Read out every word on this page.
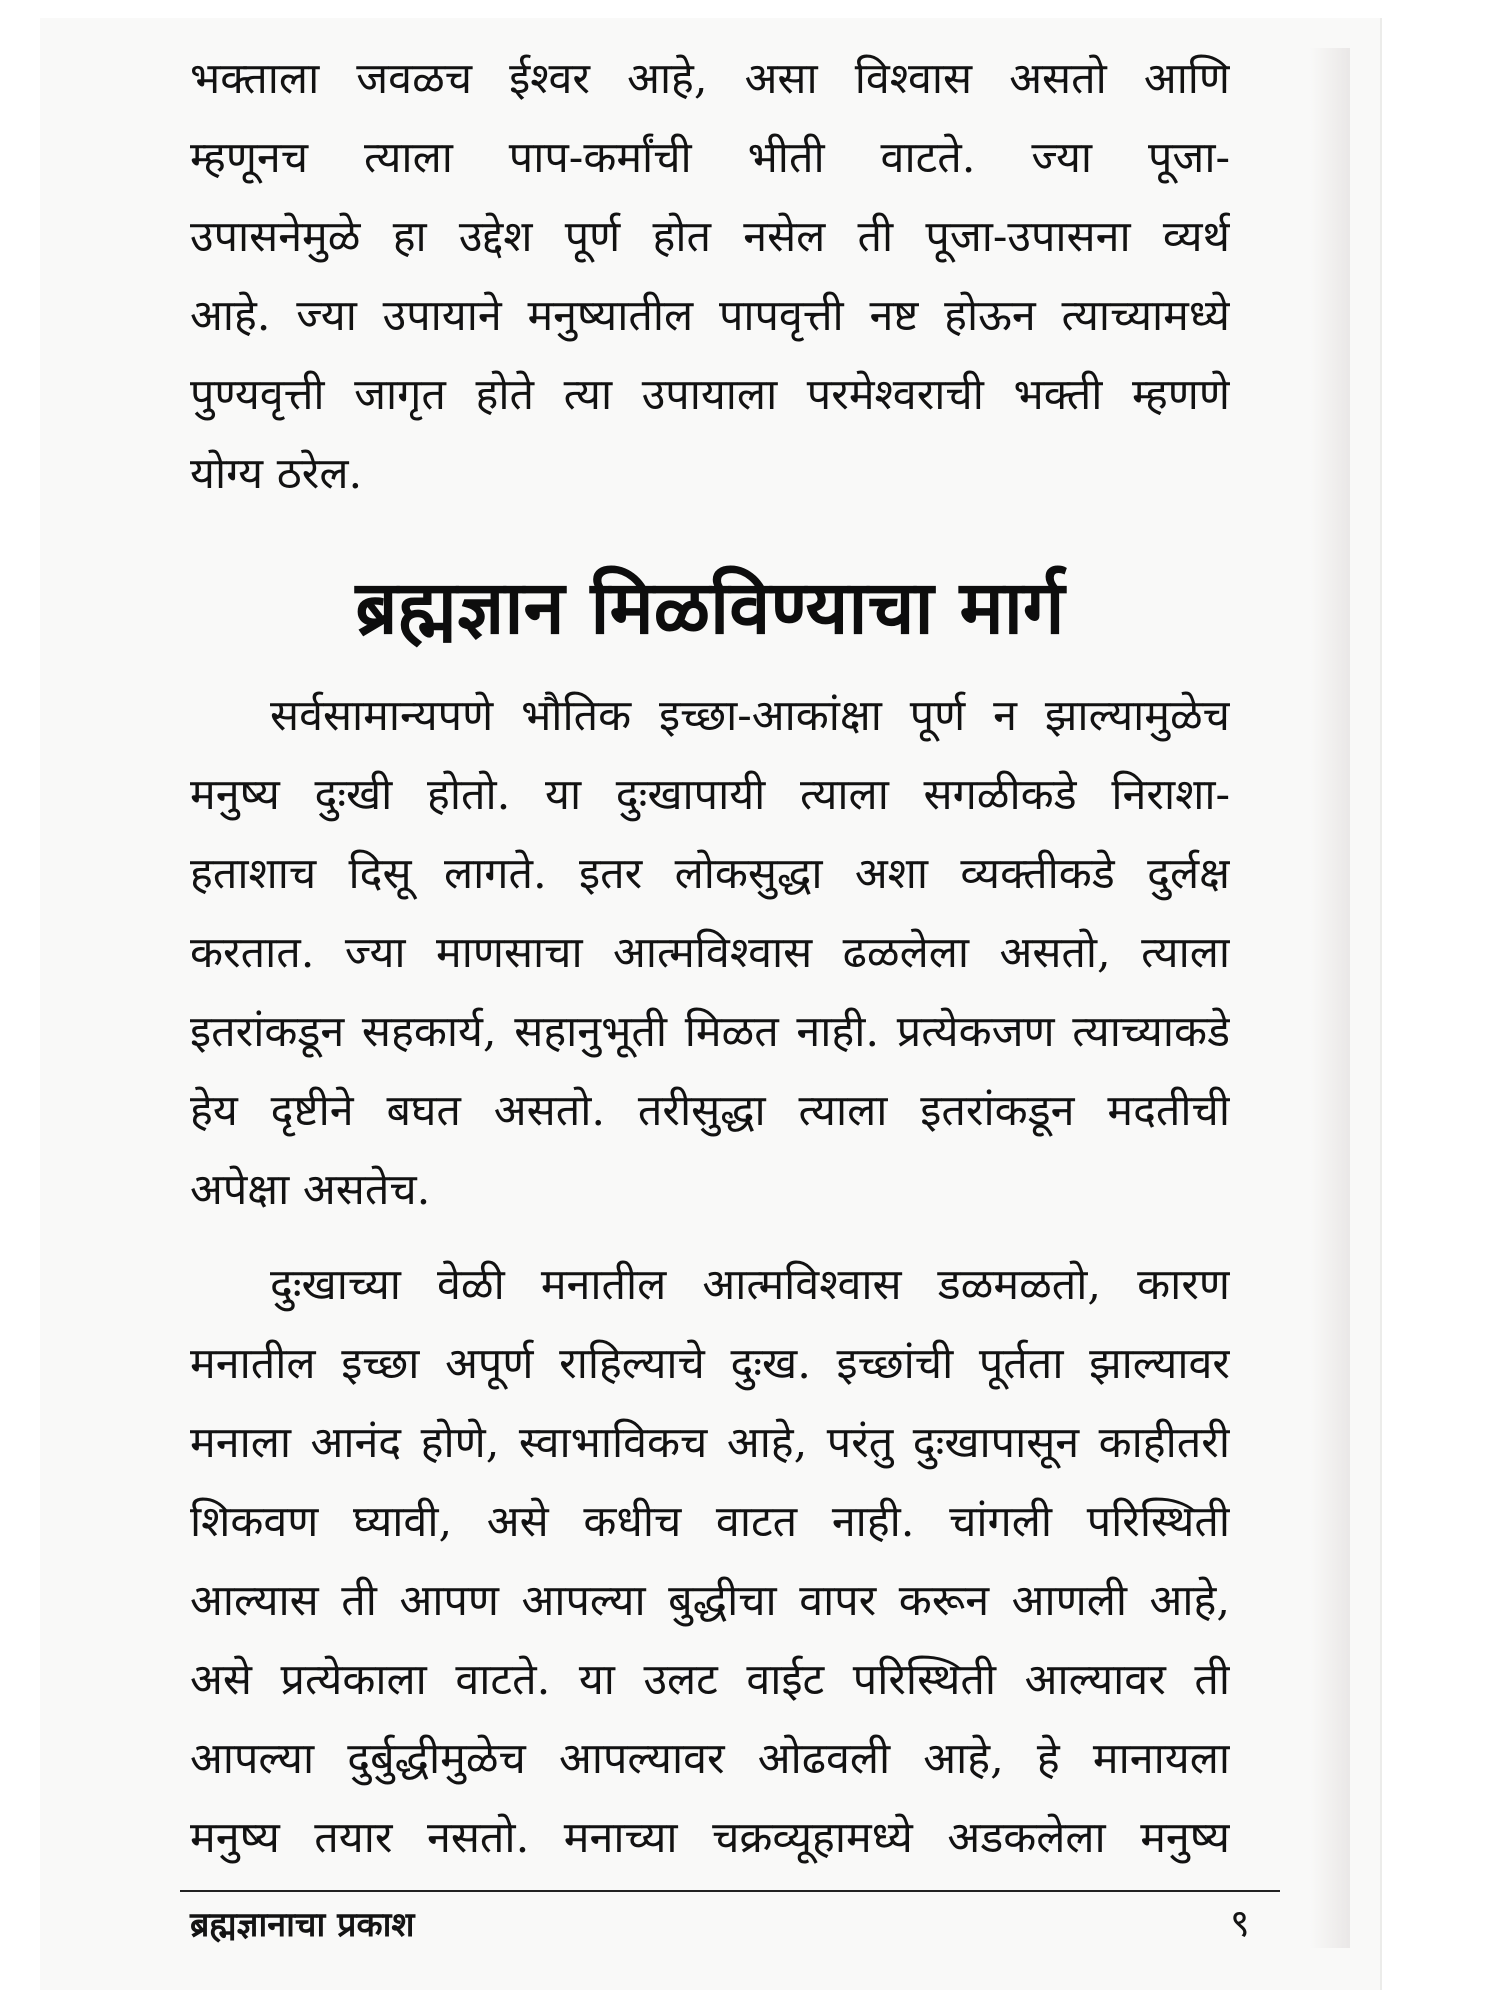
भक्ताला जवळच ईश्वर आहे, असा विश्वास असतो आणि
म्हणूनच त्याला पाप-कर्मांची भीती वाटते. ज्या पूजा-
उपासनेमुळे हा उद्देश पूर्ण होत नसेल ती पूजा-उपासना व्यर्थ
आहे. ज्या उपायाने मनुष्यातील पापवृत्ती नष्ट होऊन त्याच्यामध्ये
पुण्यवृत्ती जागृत होते त्या उपायाला परमेश्वराची भक्ती म्हणणे
योग्य ठरेल.
ब्रह्मज्ञान मिळविण्याचा मार्ग
सर्वसामान्यपणे भौतिक इच्छा-आकांक्षा पूर्ण न झाल्यामुळेच
मनुष्य दुःखी होतो. या दुःखापायी त्याला सगळीकडे निराशा-
हताशाच दिसू लागते. इतर लोकसुद्धा अशा व्यक्तीकडे दुर्लक्ष
करतात. ज्या माणसाचा आत्मविश्वास ढळलेला असतो, त्याला
इतरांकडून सहकार्य, सहानुभूती मिळत नाही. प्रत्येकजण त्याच्याकडे
हेय दृष्टीने बघत असतो. तरीसुद्धा त्याला इतरांकडून मदतीची
अपेक्षा असतेच.
दुःखाच्या वेळी मनातील आत्मविश्वास डळमळतो, कारण
मनातील इच्छा अपूर्ण राहिल्याचे दुःख. इच्छांची पूर्तता झाल्यावर
मनाला आनंद होणे, स्वाभाविकच आहे, परंतु दुःखापासून काहीतरी
शिकवण घ्यावी, असे कधीच वाटत नाही. चांगली परिस्थिती
आल्यास ती आपण आपल्या बुद्धीचा वापर करून आणली आहे,
असे प्रत्येकाला वाटते. या उलट वाईट परिस्थिती आल्यावर ती
आपल्या दुर्बुद्धीमुळेच आपल्यावर ओढवली आहे, हे मानायला
मनुष्य तयार नसतो. मनाच्या चक्रव्यूहामध्ये अडकलेला मनुष्य
ब्रह्मज्ञानाचा प्रकाश	९
